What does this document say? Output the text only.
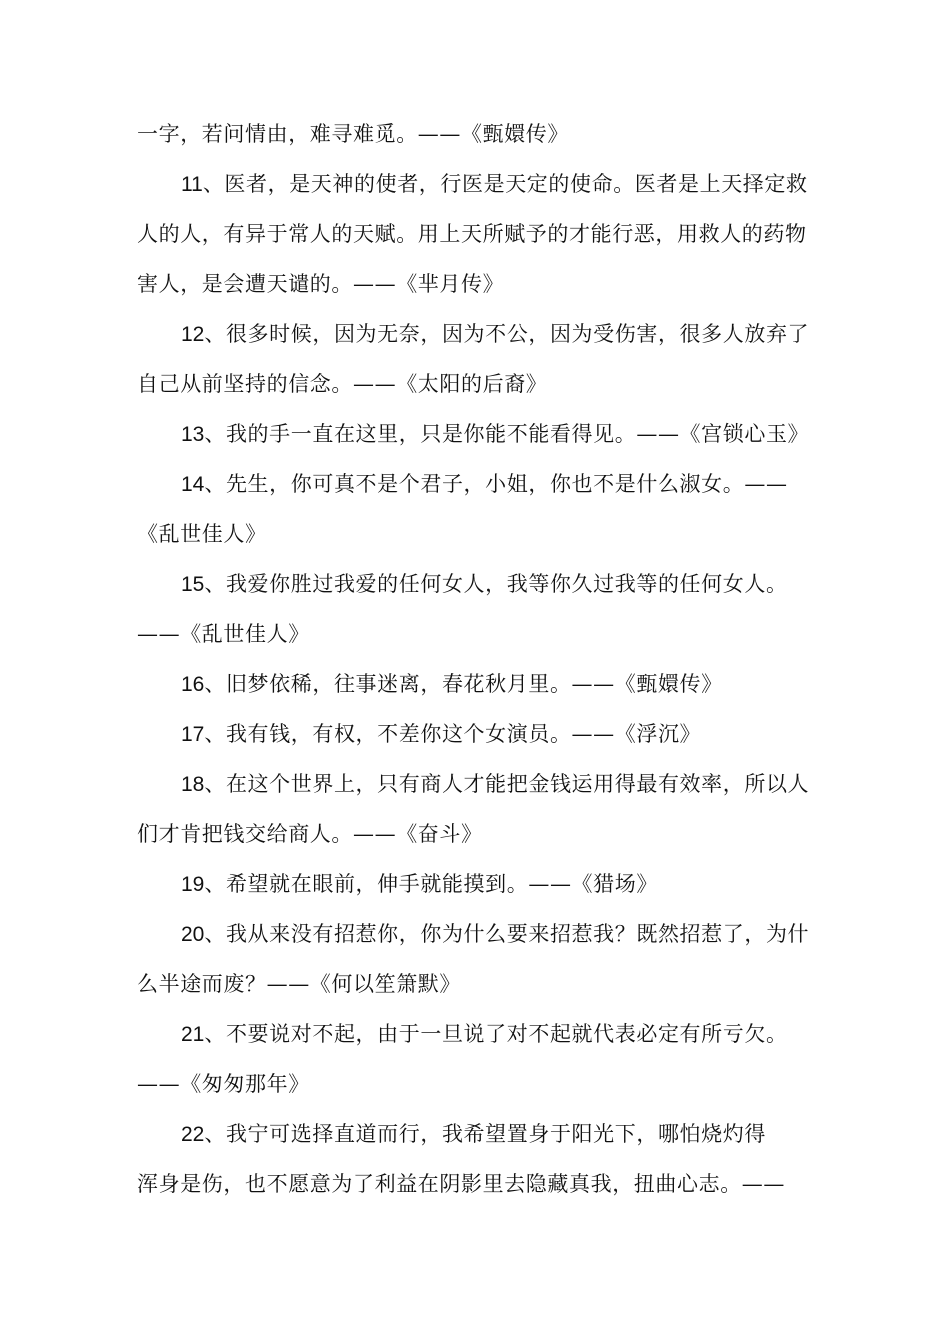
一字，若问情由，难寻难觅。——《甄嬛传》
11、医者，是天神的使者，行医是天定的使命。医者是上天择定救
人的人，有异于常人的天赋。用上天所赋予的才能行恶，用救人的药物
害人，是会遭天谴的。——《芈月传》
12、很多时候，因为无奈，因为不公，因为受伤害，很多人放弃了
自己从前坚持的信念。——《太阳的后裔》
13、我的手一直在这里，只是你能不能看得见。——《宫锁心玉》
14、先生，你可真不是个君子，小姐，你也不是什么淑女。——
《乱世佳人》
15、我爱你胜过我爱的任何女人，我等你久过我等的任何女人。
——《乱世佳人》
16、旧梦依稀，往事迷离，春花秋月里。——《甄嬛传》
17、我有钱，有权，不差你这个女演员。——《浮沉》
18、在这个世界上，只有商人才能把金钱运用得最有效率，所以人
们才肯把钱交给商人。——《奋斗》
19、希望就在眼前，伸手就能摸到。——《猎场》
20、我从来没有招惹你，你为什么要来招惹我？既然招惹了，为什
么半途而废？——《何以笙箫默》
21、不要说对不起，由于一旦说了对不起就代表必定有所亏欠。
——《匆匆那年》
22、我宁可选择直道而行，我希望置身于阳光下，哪怕烧灼得
浑身是伤，也不愿意为了利益在阴影里去隐藏真我，扭曲心志。——
